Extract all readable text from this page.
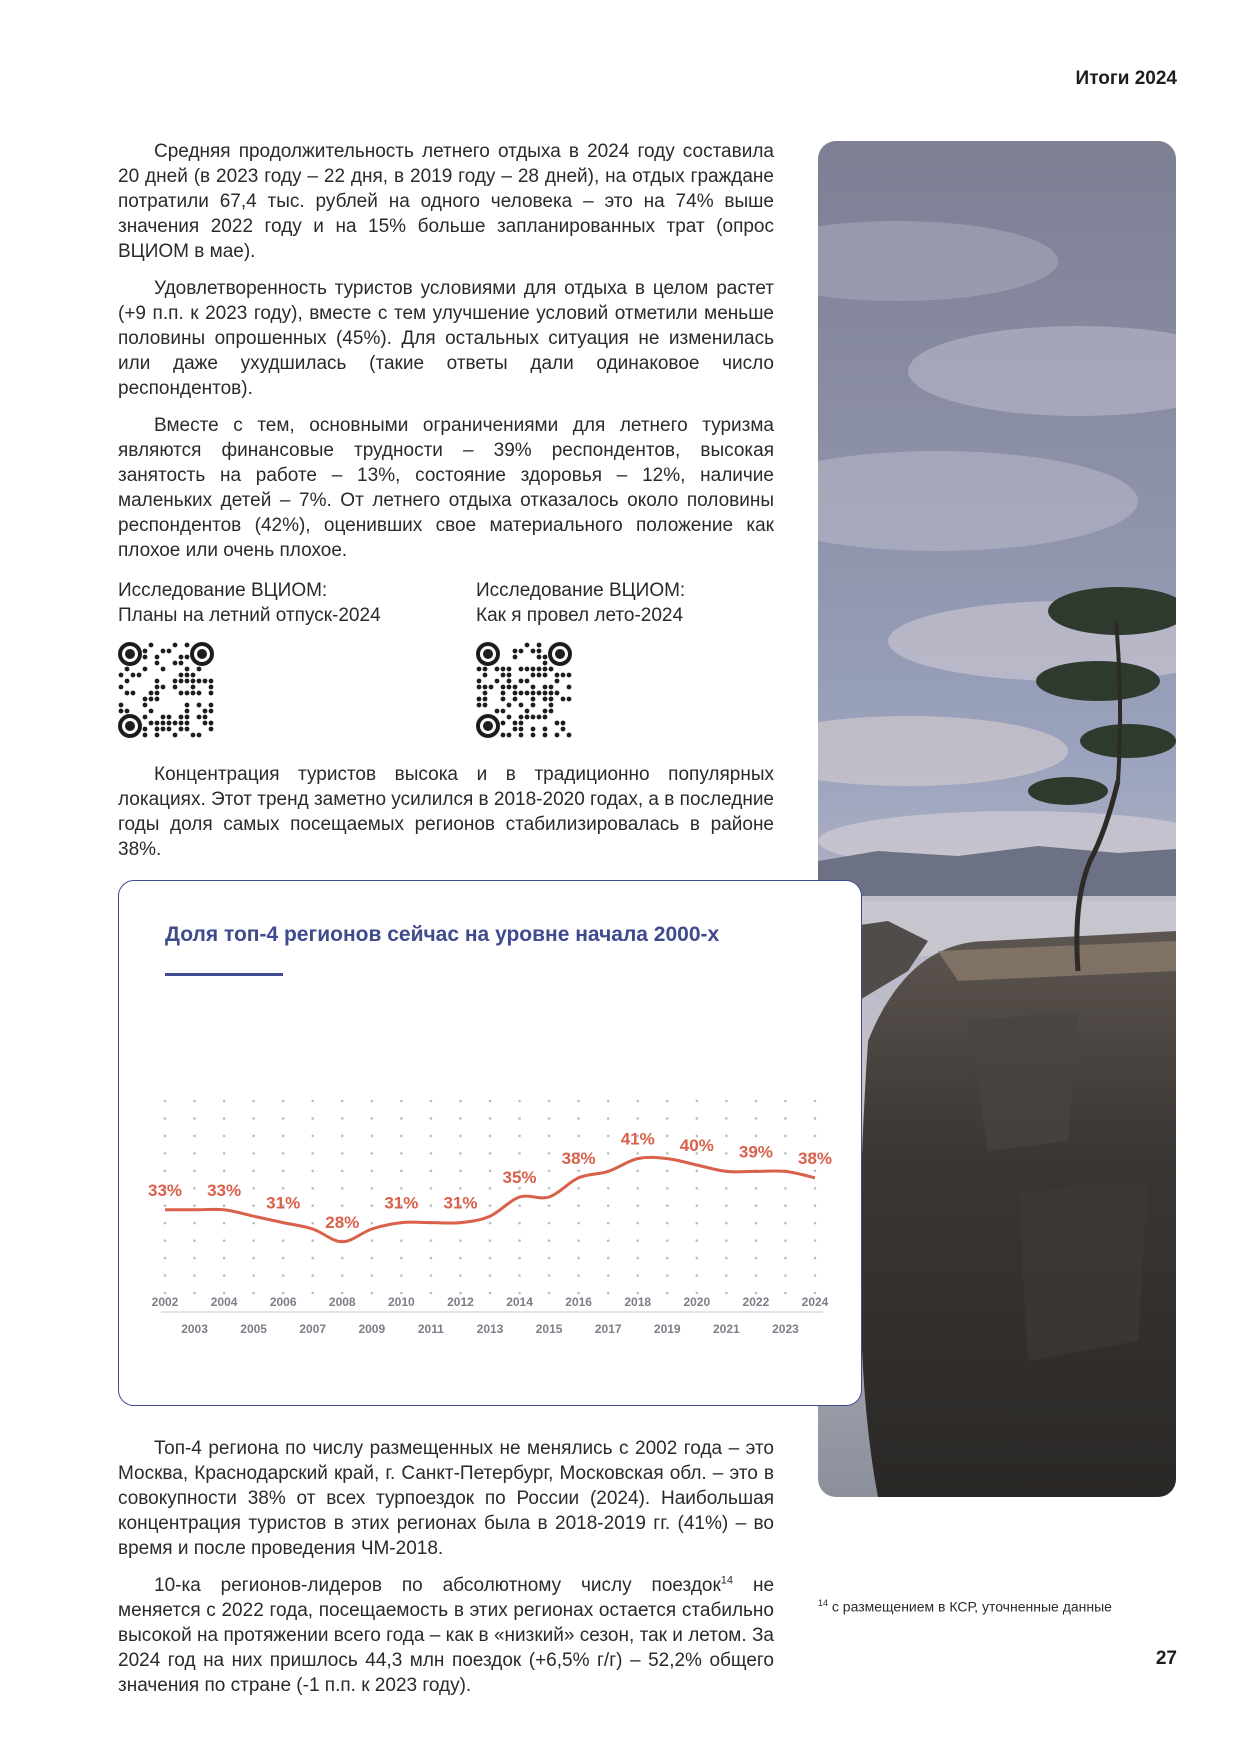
Итоги 2024

Средняя продолжительность летнего отдыха в 2024 году составила 20 дней (в 2023 году – 22 дня, в 2019 году – 28 дней), на отдых граждане потратили 67,4 тыс. рублей на одного человека – это на 74% выше значения 2022 году и на 15% больше запланированных трат (опрос ВЦИОМ в мае).

Удовлетворенность туристов условиями для отдыха в целом растет (+9 п.п. к 2023 году), вместе с тем улучшение условий отметили меньше половины опрошенных (45%). Для остальных ситуация не изменилась или даже ухудшилась (такие ответы дали одинаковое число респондентов).

Вместе с тем, основными ограничениями для летнего туризма являются финансовые трудности – 39% респондентов, высокая занятость на работе – 13%, состояние здоровья – 12%, наличие маленьких детей – 7%. От летнего отдыха отказалось около половины респондентов (42%), оценивших свое материального положение как плохое или очень плохое.

Исследование ВЦИОМ:
Планы на летний отпуск-2024
Исследование ВЦИОМ:
Как я провел лето-2024

Концентрация туристов высока и в традиционно популярных локациях. Этот тренд заметно усилился в 2018-2020 годах, а в последние годы доля самых посещаемых регионов стабилизировалась в районе 38%.

Доля топ-4 регионов сейчас на уровне начала 2000-х
33% 33%
31%
28%
31% 31%
35%
38%
41% 40% 39% 38%
2002
2003
2004
2005
2006
2007
2008
2009
2010
2011
2012
2013
2014
2015
2016
2017
2018
2019
2020
2021
2022
2023
2024

Топ-4 региона по числу размещенных не менялись с 2002 года – это Москва, Краснодарский край, г. Санкт-Петербург, Московская обл. – это в совокупности 38% от всех турпоездок по России (2024). Наибольшая концентрация туристов в этих регионах была в 2018-2019 гг. (41%) – во время и после проведения ЧМ-2018.

10-ка регионов-лидеров по абсолютному числу поездок$^{14}$ не меняется с 2022 года, посещаемость в этих регионах остается стабильно высокой на протяжении всего года – как в «низкий» сезон, так и летом. За 2024 год на них пришлось 44,3 млн поездок (+6,5% г/г) – 52,2% общего значения по стране (-1 п.п. к 2023 году).

$^{14}$ с размещением в КСР, уточненные данные
27
